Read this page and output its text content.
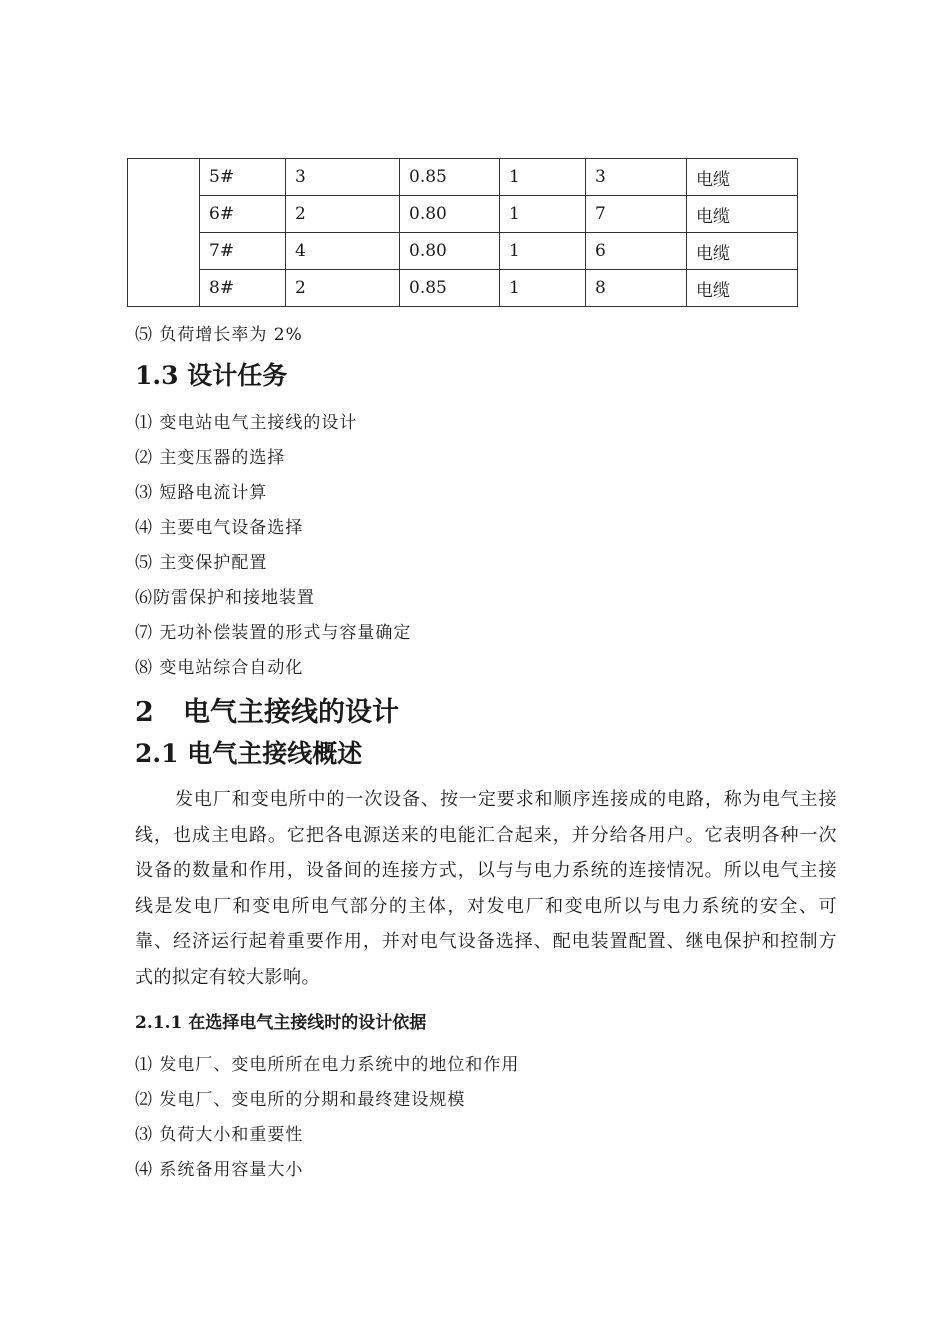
	5#	3	0.85	1	3	电缆
	6#	2	0.80	1	7	电缆
	7#	4	0.80	1	6	电缆
	8#	2	0.85	1	8	电缆
⑸ 负荷增长率为 2%
1.3 设计任务
⑴ 变电站电气主接线的设计
⑵ 主变压器的选择
⑶ 短路电流计算
⑷ 主要电气设备选择
⑸ 主变保护配置
⑹防雷保护和接地装置
⑺ 无功补偿装置的形式与容量确定
⑻ 变电站综合自动化
2 电气主接线的设计
2.1 电气主接线概述
发电厂和变电所中的一次设备、按一定要求和顺序连接成的电路，称为电气主接线，也成主电路。它把各电源送来的电能汇合起来，并分给各用户。它表明各种一次设备的数量和作用，设备间的连接方式，以与与电力系统的连接情况。所以电气主接线是发电厂和变电所电气部分的主体，对发电厂和变电所以与电力系统的安全、可靠、经济运行起着重要作用，并对电气设备选择、配电装置配置、继电保护和控制方式的拟定有较大影响。
2.1.1 在选择电气主接线时的设计依据
⑴ 发电厂、变电所所在电力系统中的地位和作用
⑵ 发电厂、变电所的分期和最终建设规模
⑶ 负荷大小和重要性
⑷ 系统备用容量大小
